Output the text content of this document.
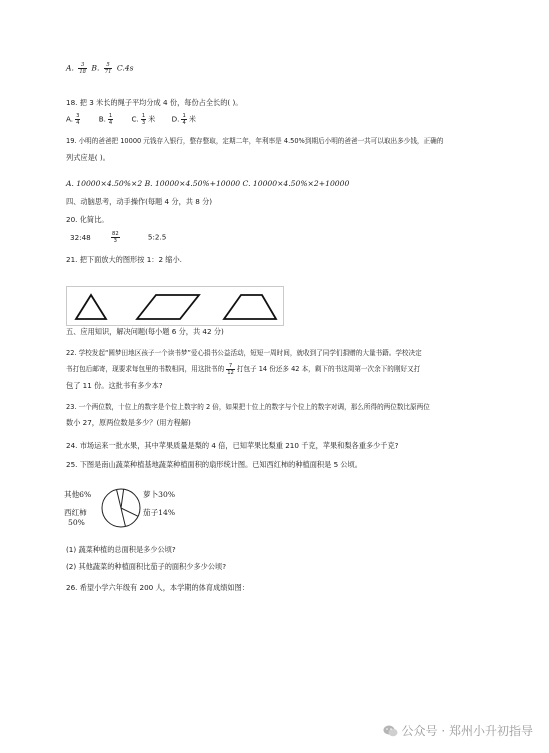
A. $\frac{3}{18} B$. $\frac{5}{71} C.4s$
18. 把 3 米长的绳子平均分成 4 份，每份占全长的( )。
A. $\frac{3}{4}$	B. $\frac{1}{4}$	C. $\frac{1}{3}$ 米 D. $\frac{1}{4}$ 米
19. 小明的爸爸把 10000 元钱存入银行，整存整取，定期二年，年利率是 4.50%到期后小明的爸爸一共可以取出多少钱，正确的
列式应是( )。
A. 10000×4.50%×2 B. 10000×4.50%+10000 C. 10000×4.50%×2+10000
四、动脑思考，动手操作(每题 4 分，共 8 分)
20. 化简比。
32:48	$\frac{82}{3}$	5:2.5
21. 把下面放大的图形按 1：2 缩小.
五、应用知识，解决问题(每小题 6 分，共 42 分)
22. 学校发起“圆梦田地区孩子一个读书梦”爱心捐书公益活动，短短一周时间，就收到了同学们捐赠的大量书籍。学校决定
书打包后邮寄，现要求每包里的书数相同，用这批书的 $\frac{7}{12}$ 打包子 14 份还多 42 本，剩下的书这周第一次余下的刚好又打
包了 11 份。这批书有多少本?
23. 一个两位数，十位上的数字是个位上数字的 2 倍，如果把十位上的数字与个位上的数字对调，那么所得的两位数比原两位
数小 27，原两位数是多少？(用方程解)
24. 市场运来一批水果，其中苹果质量是梨的 4 倍，已知苹果比梨重 210 千克，苹果和梨各重多少千克?
25. 下图是南山蔬菜种植基地蔬菜种植面积的扇形统计图。已知西红柿的种植面积是 5 公顷。
其他6%	萝卜30%
西红柿
50%
茄子14%
(1) 蔬菜种植的总面积是多少公顷?
(2) 其他蔬菜的种植面积比茄子的面积少多少公顷?
26. 希望小学六年级有 200 人，本学期的体育成绩如图：
公众号 · 郑州小升初指导
